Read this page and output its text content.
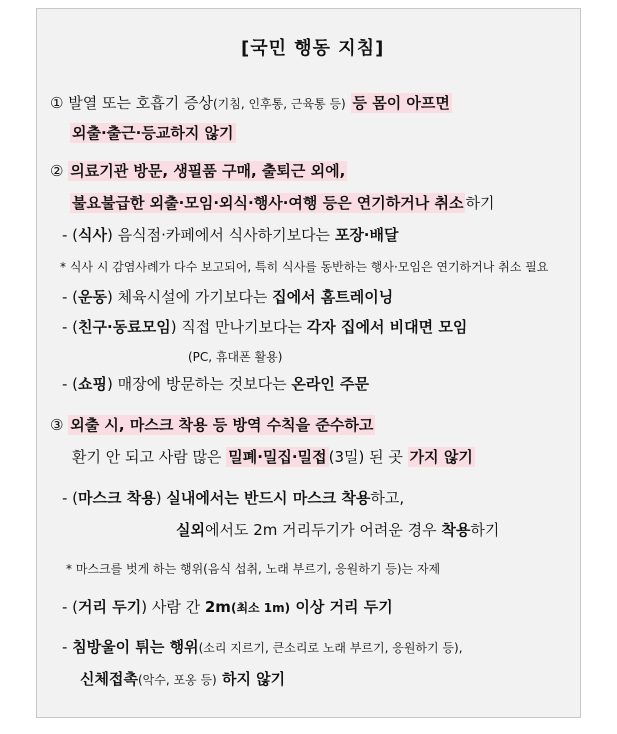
[국민 행동 지침]
① 발열 또는 호흡기 증상(기침, 인후통, 근육통 등) 등 몸이 아프면
외출·출근·등교하지 않기
② 의료기관 방문, 생필품 구매, 출퇴근 외에,
불요불급한 외출·모임·외식·행사·여행 등은 연기하거나 취소 하기
- (식사) 음식점·카페에서 식사하기보다는 포장·배달
* 식사 시 감염사례가 다수 보고되어, 특히 식사를 동반하는 행사·모임은 연기하거나 취소 필요
- (운동) 체육시설에 가기보다는 집에서 홈트레이닝
- (친구·동료모임) 직접 만나기보다는 각자 집에서 비대면 모임
(PC, 휴대폰 활용)
- (쇼핑) 매장에 방문하는 것보다는 온라인 주문
③ 외출 시, 마스크 착용 등 방역 수칙을 준수하고
환기 안 되고 사람 많은 밀폐·밀집·밀접 (3밀) 된 곳 가지 않기
- (마스크 착용) 실내에서는 반드시 마스크 착용하고,
실외에서도 2m 거리두기가 어려운 경우 착용하기
* 마스크를 벗게 하는 행위(음식 섭취, 노래 부르기, 응원하기 등)는 자제
- (거리 두기) 사람 간 2m(최소 1m) 이상 거리 두기
- 침방울이 튀는 행위(소리 지르기, 큰소리로 노래 부르기, 응원하기 등),
신체접촉(악수, 포옹 등) 하지 않기
